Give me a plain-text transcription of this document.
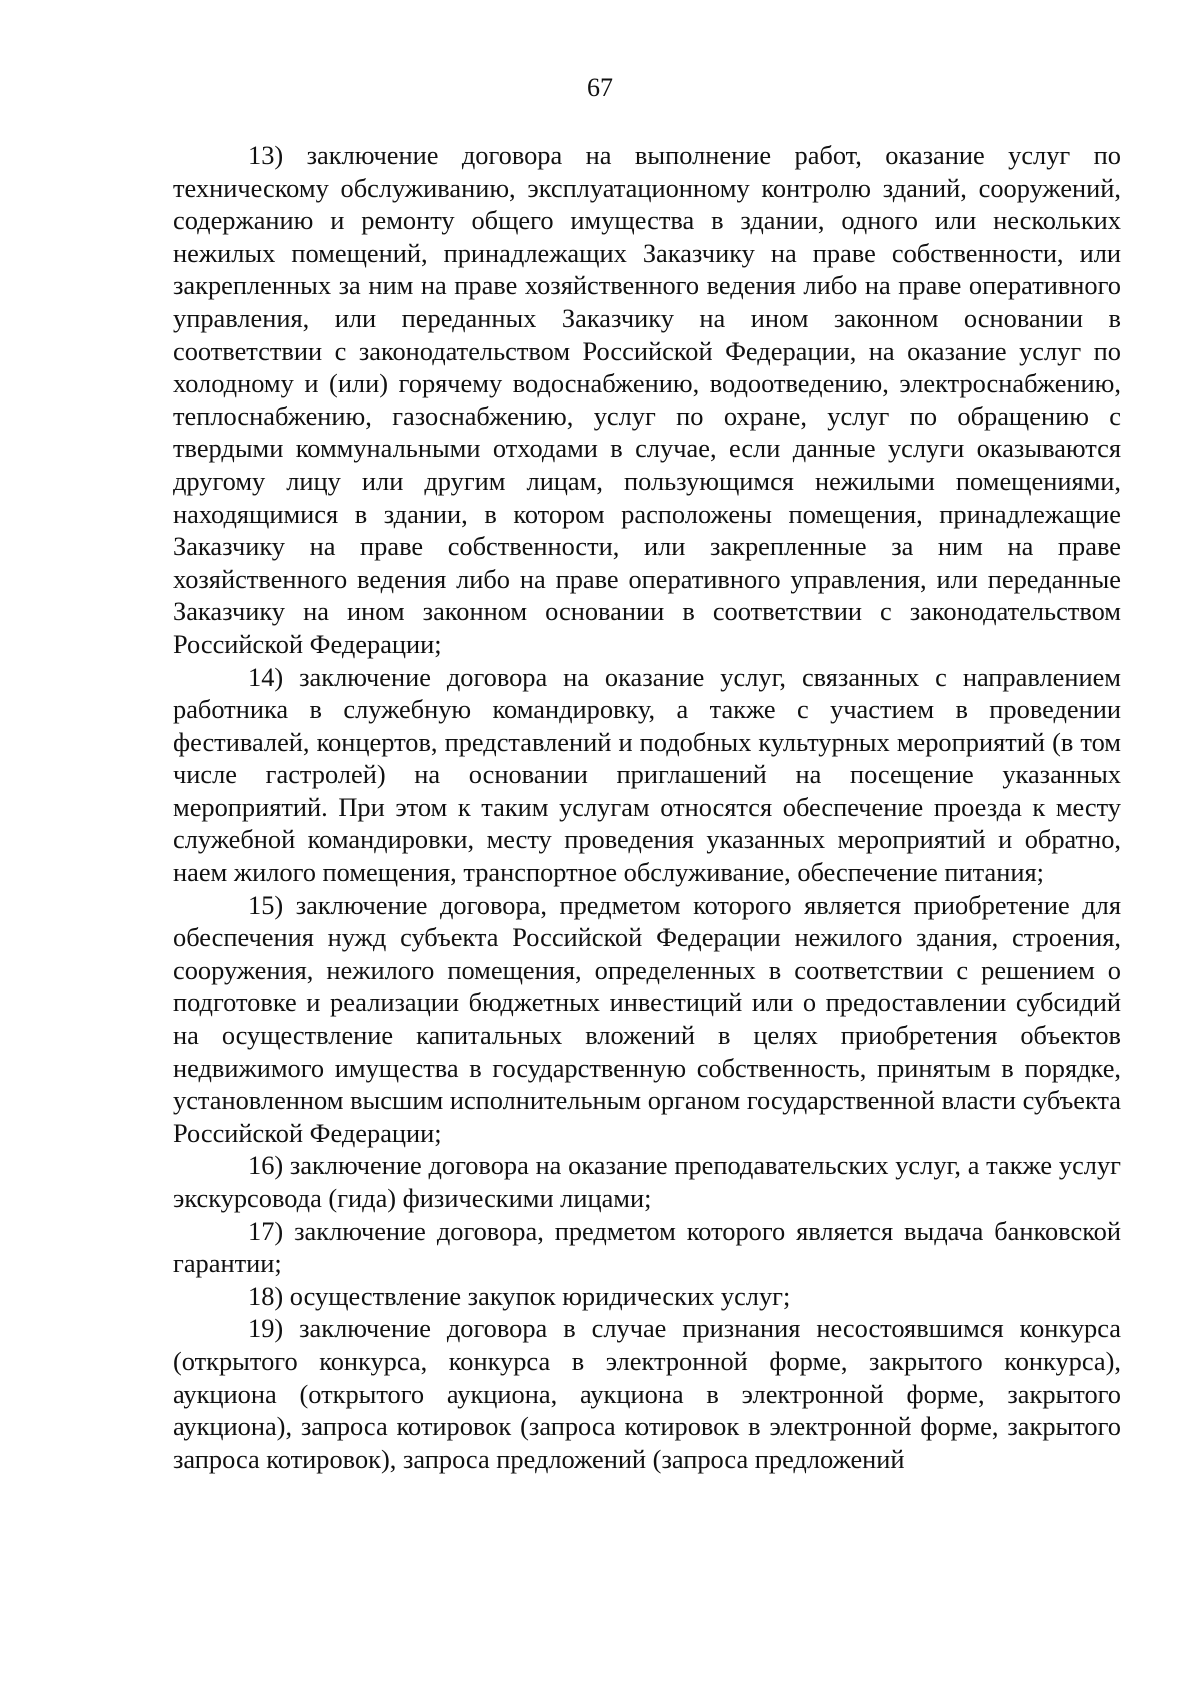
67

13) заключение договора на выполнение работ, оказание услуг по техническому обслуживанию, эксплуатационному контролю зданий, сооружений, содержанию и ремонту общего имущества в здании, одного или нескольких нежилых помещений, принадлежащих Заказчику на праве собственности, или закрепленных за ним на праве хозяйственного ведения либо на праве оперативного управления, или переданных Заказчику на ином законном основании в соответствии с законодательством Российской Федерации, на оказание услуг по холодному и (или) горячему водоснабжению, водоотведению, электроснабжению, теплоснабжению, газоснабжению, услуг по охране, услуг по обращению с твердыми коммунальными отходами в случае, если данные услуги оказываются другому лицу или другим лицам, пользующимся нежилыми помещениями, находящимися в здании, в котором расположены помещения, принадлежащие Заказчику на праве собственности, или закрепленные за ним на праве хозяйственного ведения либо на праве оперативного управления, или переданные Заказчику на ином законном основании в соответствии с законодательством Российской Федерации;

14) заключение договора на оказание услуг, связанных с направлением работника в служебную командировку, а также с участием в проведении фестивалей, концертов, представлений и подобных культурных мероприятий (в том числе гастролей) на основании приглашений на посещение указанных мероприятий. При этом к таким услугам относятся обеспечение проезда к месту служебной командировки, месту проведения указанных мероприятий и обратно, наем жилого помещения, транспортное обслуживание, обеспечение питания;

15) заключение договора, предметом которого является приобретение для обеспечения нужд субъекта Российской Федерации нежилого здания, строения, сооружения, нежилого помещения, определенных в соответствии с решением о подготовке и реализации бюджетных инвестиций или о предоставлении субсидий на осуществление капитальных вложений в целях приобретения объектов недвижимого имущества в государственную собственность, принятым в порядке, установленном высшим исполнительным органом государственной власти субъекта Российской Федерации;

16) заключение договора на оказание преподавательских услуг, а также услуг экскурсовода (гида) физическими лицами;

17) заключение договора, предметом которого является выдача банковской гарантии;

18) осуществление закупок юридических услуг;

19) заключение договора в случае признания несостоявшимся конкурса (открытого конкурса, конкурса в электронной форме, закрытого конкурса), аукциона (открытого аукциона, аукциона в электронной форме, закрытого аукциона), запроса котировок (запроса котировок в электронной форме, закрытого запроса котировок), запроса предложений (запроса предложений
